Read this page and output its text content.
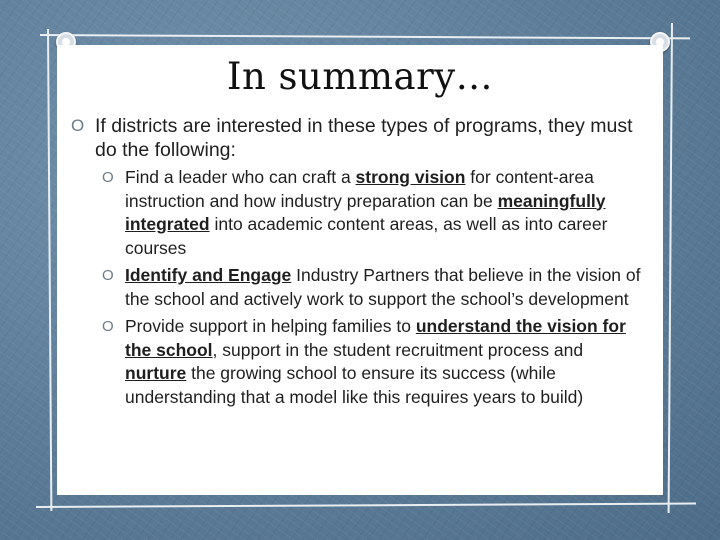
In summary…

O If districts are interested in these types of programs, they must do the following:

O Find a leader who can craft a strong vision for content-area instruction and how industry preparation can be meaningfully integrated into academic content areas, as well as into career courses

O Identify and Engage Industry Partners that believe in the vision of the school and actively work to support the school’s development

O Provide support in helping families to understand the vision for the school, support in the student recruitment process and nurture the growing school to ensure its success (while understanding that a model like this requires years to build)
